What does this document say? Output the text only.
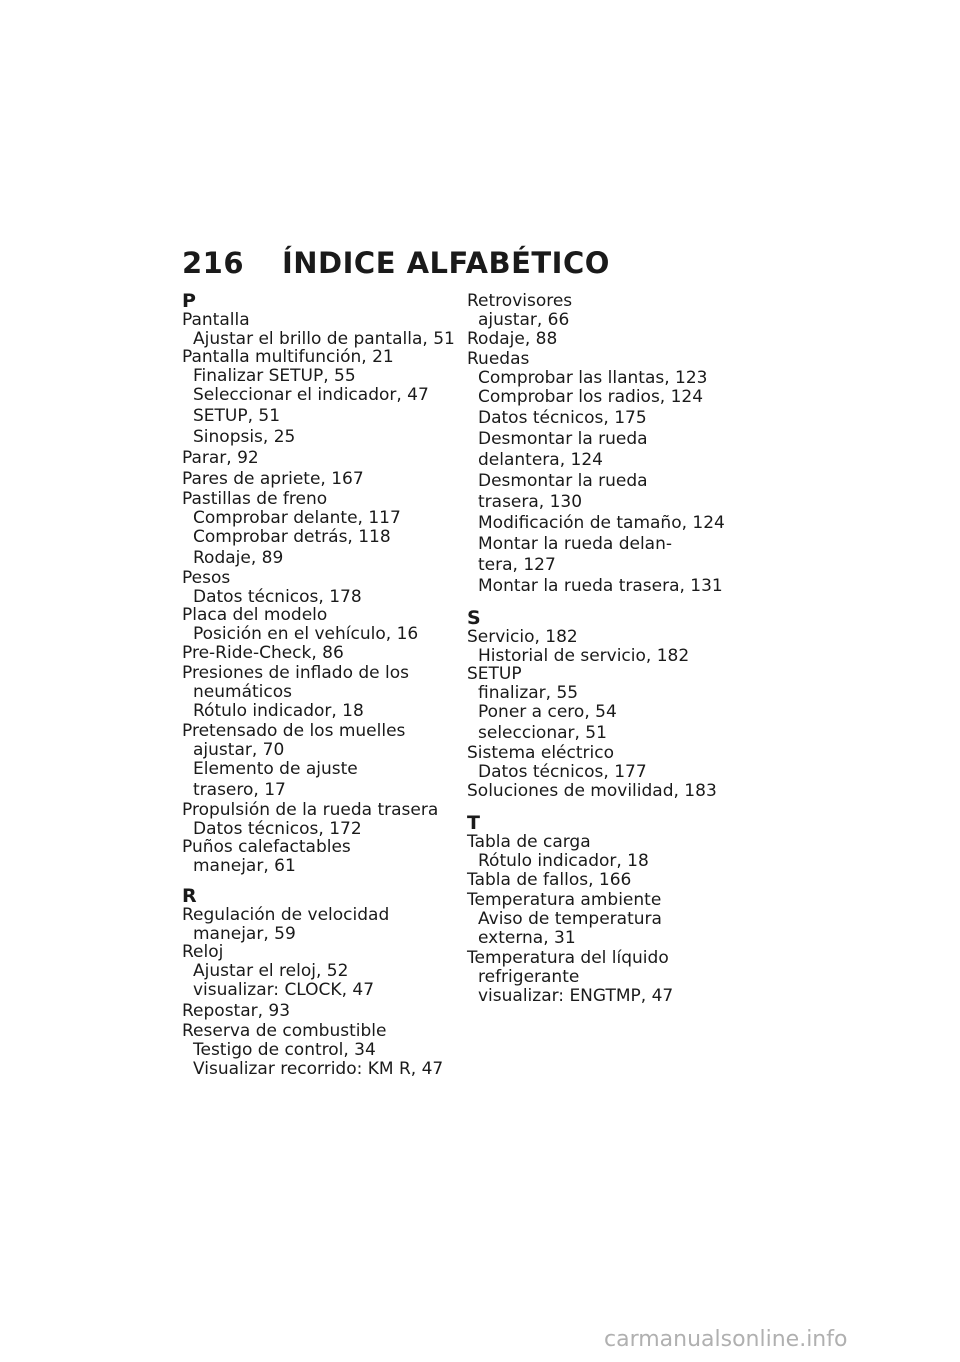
216 ÍNDICE ALFABÉTICO
P
Pantalla
Ajustar el brillo de pantalla, 51
Pantalla multifunción, 21
Finalizar SETUP, 55
Seleccionar el indicador, 47
SETUP, 51
Sinopsis, 25
Parar, 92
Pares de apriete, 167
Pastillas de freno
Comprobar delante, 117
Comprobar detrás, 118
Rodaje, 89
Pesos
Datos técnicos, 178
Placa del modelo
Posición en el vehículo, 16
Pre-Ride-Check, 86
Presiones de inflado de los
neumáticos
Rótulo indicador, 18
Pretensado de los muelles
ajustar, 70
Elemento de ajuste
trasero, 17
Propulsión de la rueda trasera
Datos técnicos, 172
Puños calefactables
manejar, 61
R
Regulación de velocidad
manejar, 59
Reloj
Ajustar el reloj, 52
visualizar: CLOCK, 47
Repostar, 93
Reserva de combustible
Testigo de control, 34
Visualizar recorrido: KM R, 47
Retrovisores
ajustar, 66
Rodaje, 88
Ruedas
Comprobar las llantas, 123
Comprobar los radios, 124
Datos técnicos, 175
Desmontar la rueda
delantera, 124
Desmontar la rueda
trasera, 130
Modificación de tamaño, 124
Montar la rueda delan-
tera, 127
Montar la rueda trasera, 131
S
Servicio, 182
Historial de servicio, 182
SETUP
finalizar, 55
Poner a cero, 54
seleccionar, 51
Sistema eléctrico
Datos técnicos, 177
Soluciones de movilidad, 183
T
Tabla de carga
Rótulo indicador, 18
Tabla de fallos, 166
Temperatura ambiente
Aviso de temperatura
externa, 31
Temperatura del líquido
refrigerante
visualizar: ENGTMP, 47
carmanualsonline.info
